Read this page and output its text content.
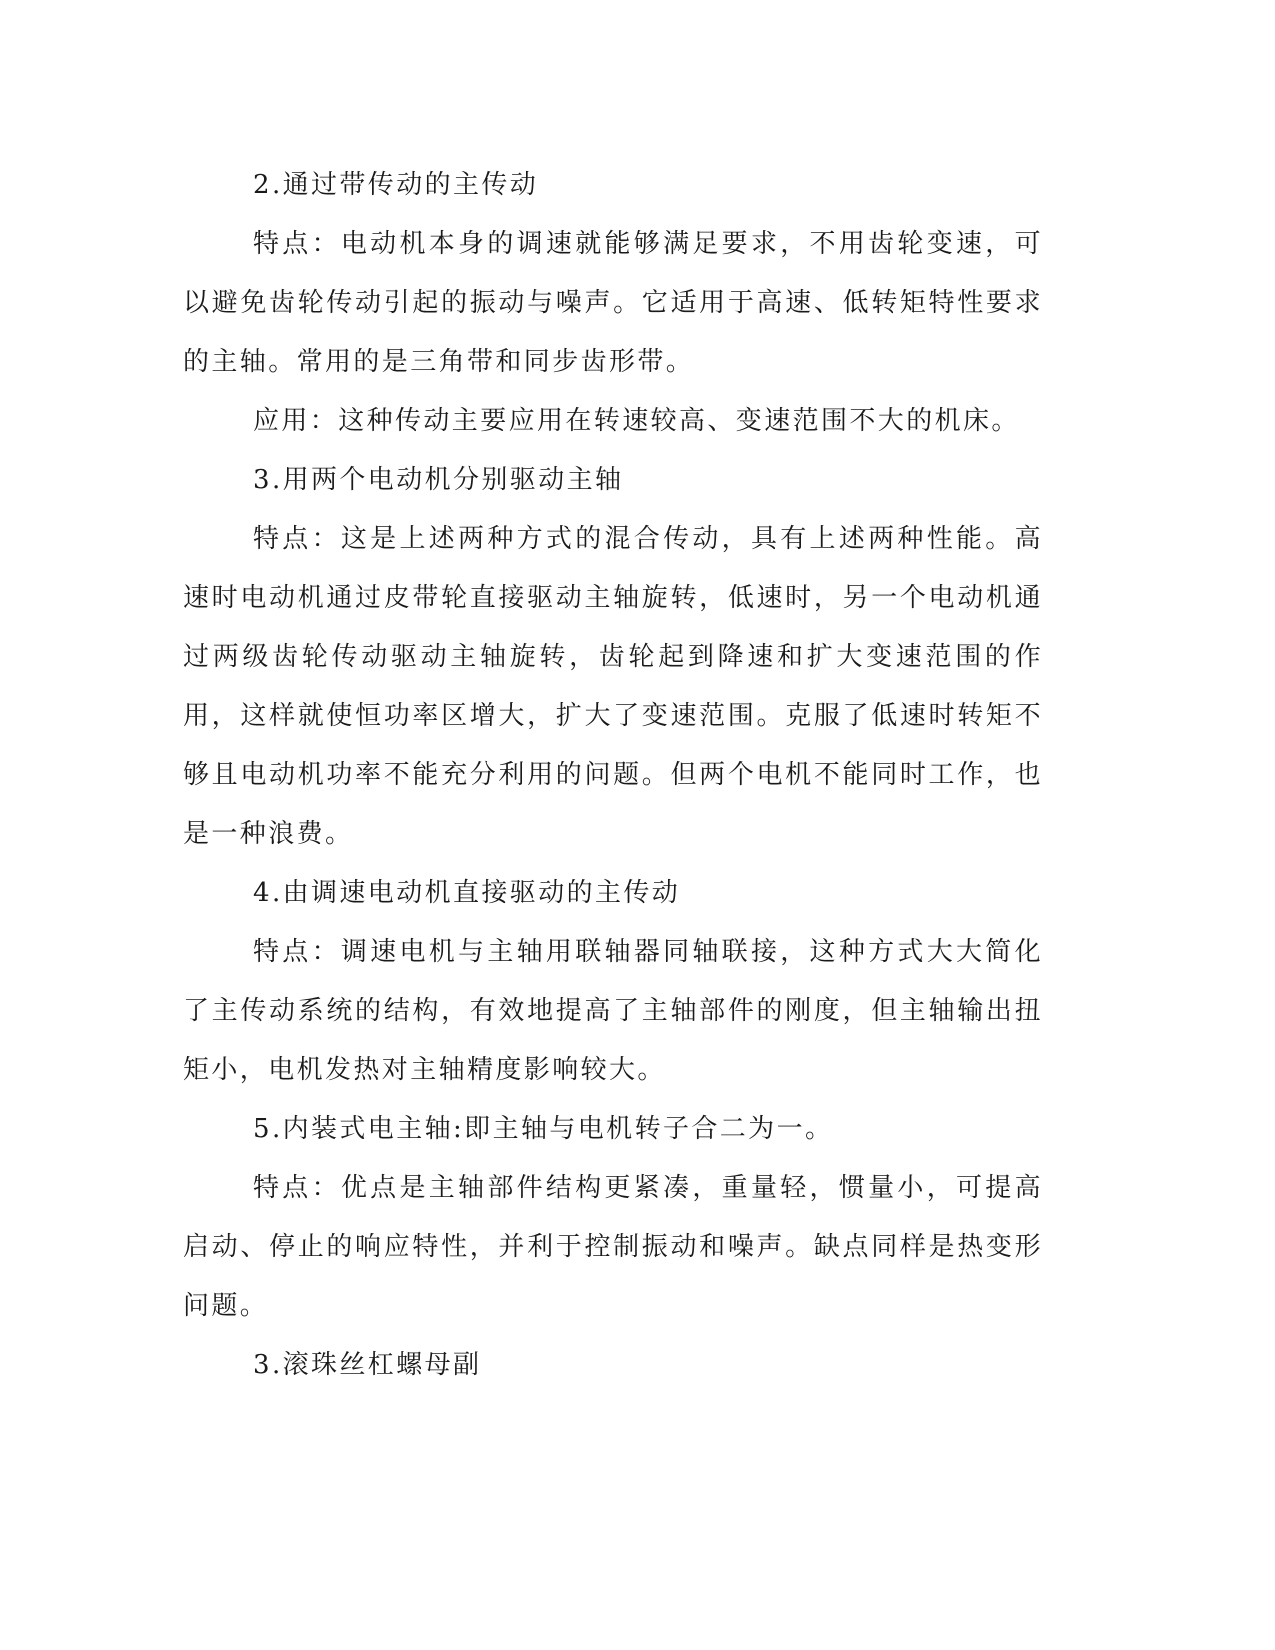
2.通过带传动的主传动

特点：电动机本身的调速就能够满足要求，不用齿轮变速，可以避免齿轮传动引起的振动与噪声。它适用于高速、低转矩特性要求的主轴。常用的是三角带和同步齿形带。

应用：这种传动主要应用在转速较高、变速范围不大的机床。

3.用两个电动机分别驱动主轴

特点：这是上述两种方式的混合传动，具有上述两种性能。高速时电动机通过皮带轮直接驱动主轴旋转，低速时，另一个电动机通过两级齿轮传动驱动主轴旋转，齿轮起到降速和扩大变速范围的作用，这样就使恒功率区增大，扩大了变速范围。克服了低速时转矩不够且电动机功率不能充分利用的问题。但两个电机不能同时工作，也是一种浪费。

4.由调速电动机直接驱动的主传动

特点：调速电机与主轴用联轴器同轴联接，这种方式大大简化了主传动系统的结构，有效地提高了主轴部件的刚度，但主轴输出扭矩小，电机发热对主轴精度影响较大。

5.内装式电主轴:即主轴与电机转子合二为一。

特点：优点是主轴部件结构更紧凑，重量轻，惯量小，可提高启动、停止的响应特性，并利于控制振动和噪声。缺点同样是热变形问题。

3.滚珠丝杠螺母副
